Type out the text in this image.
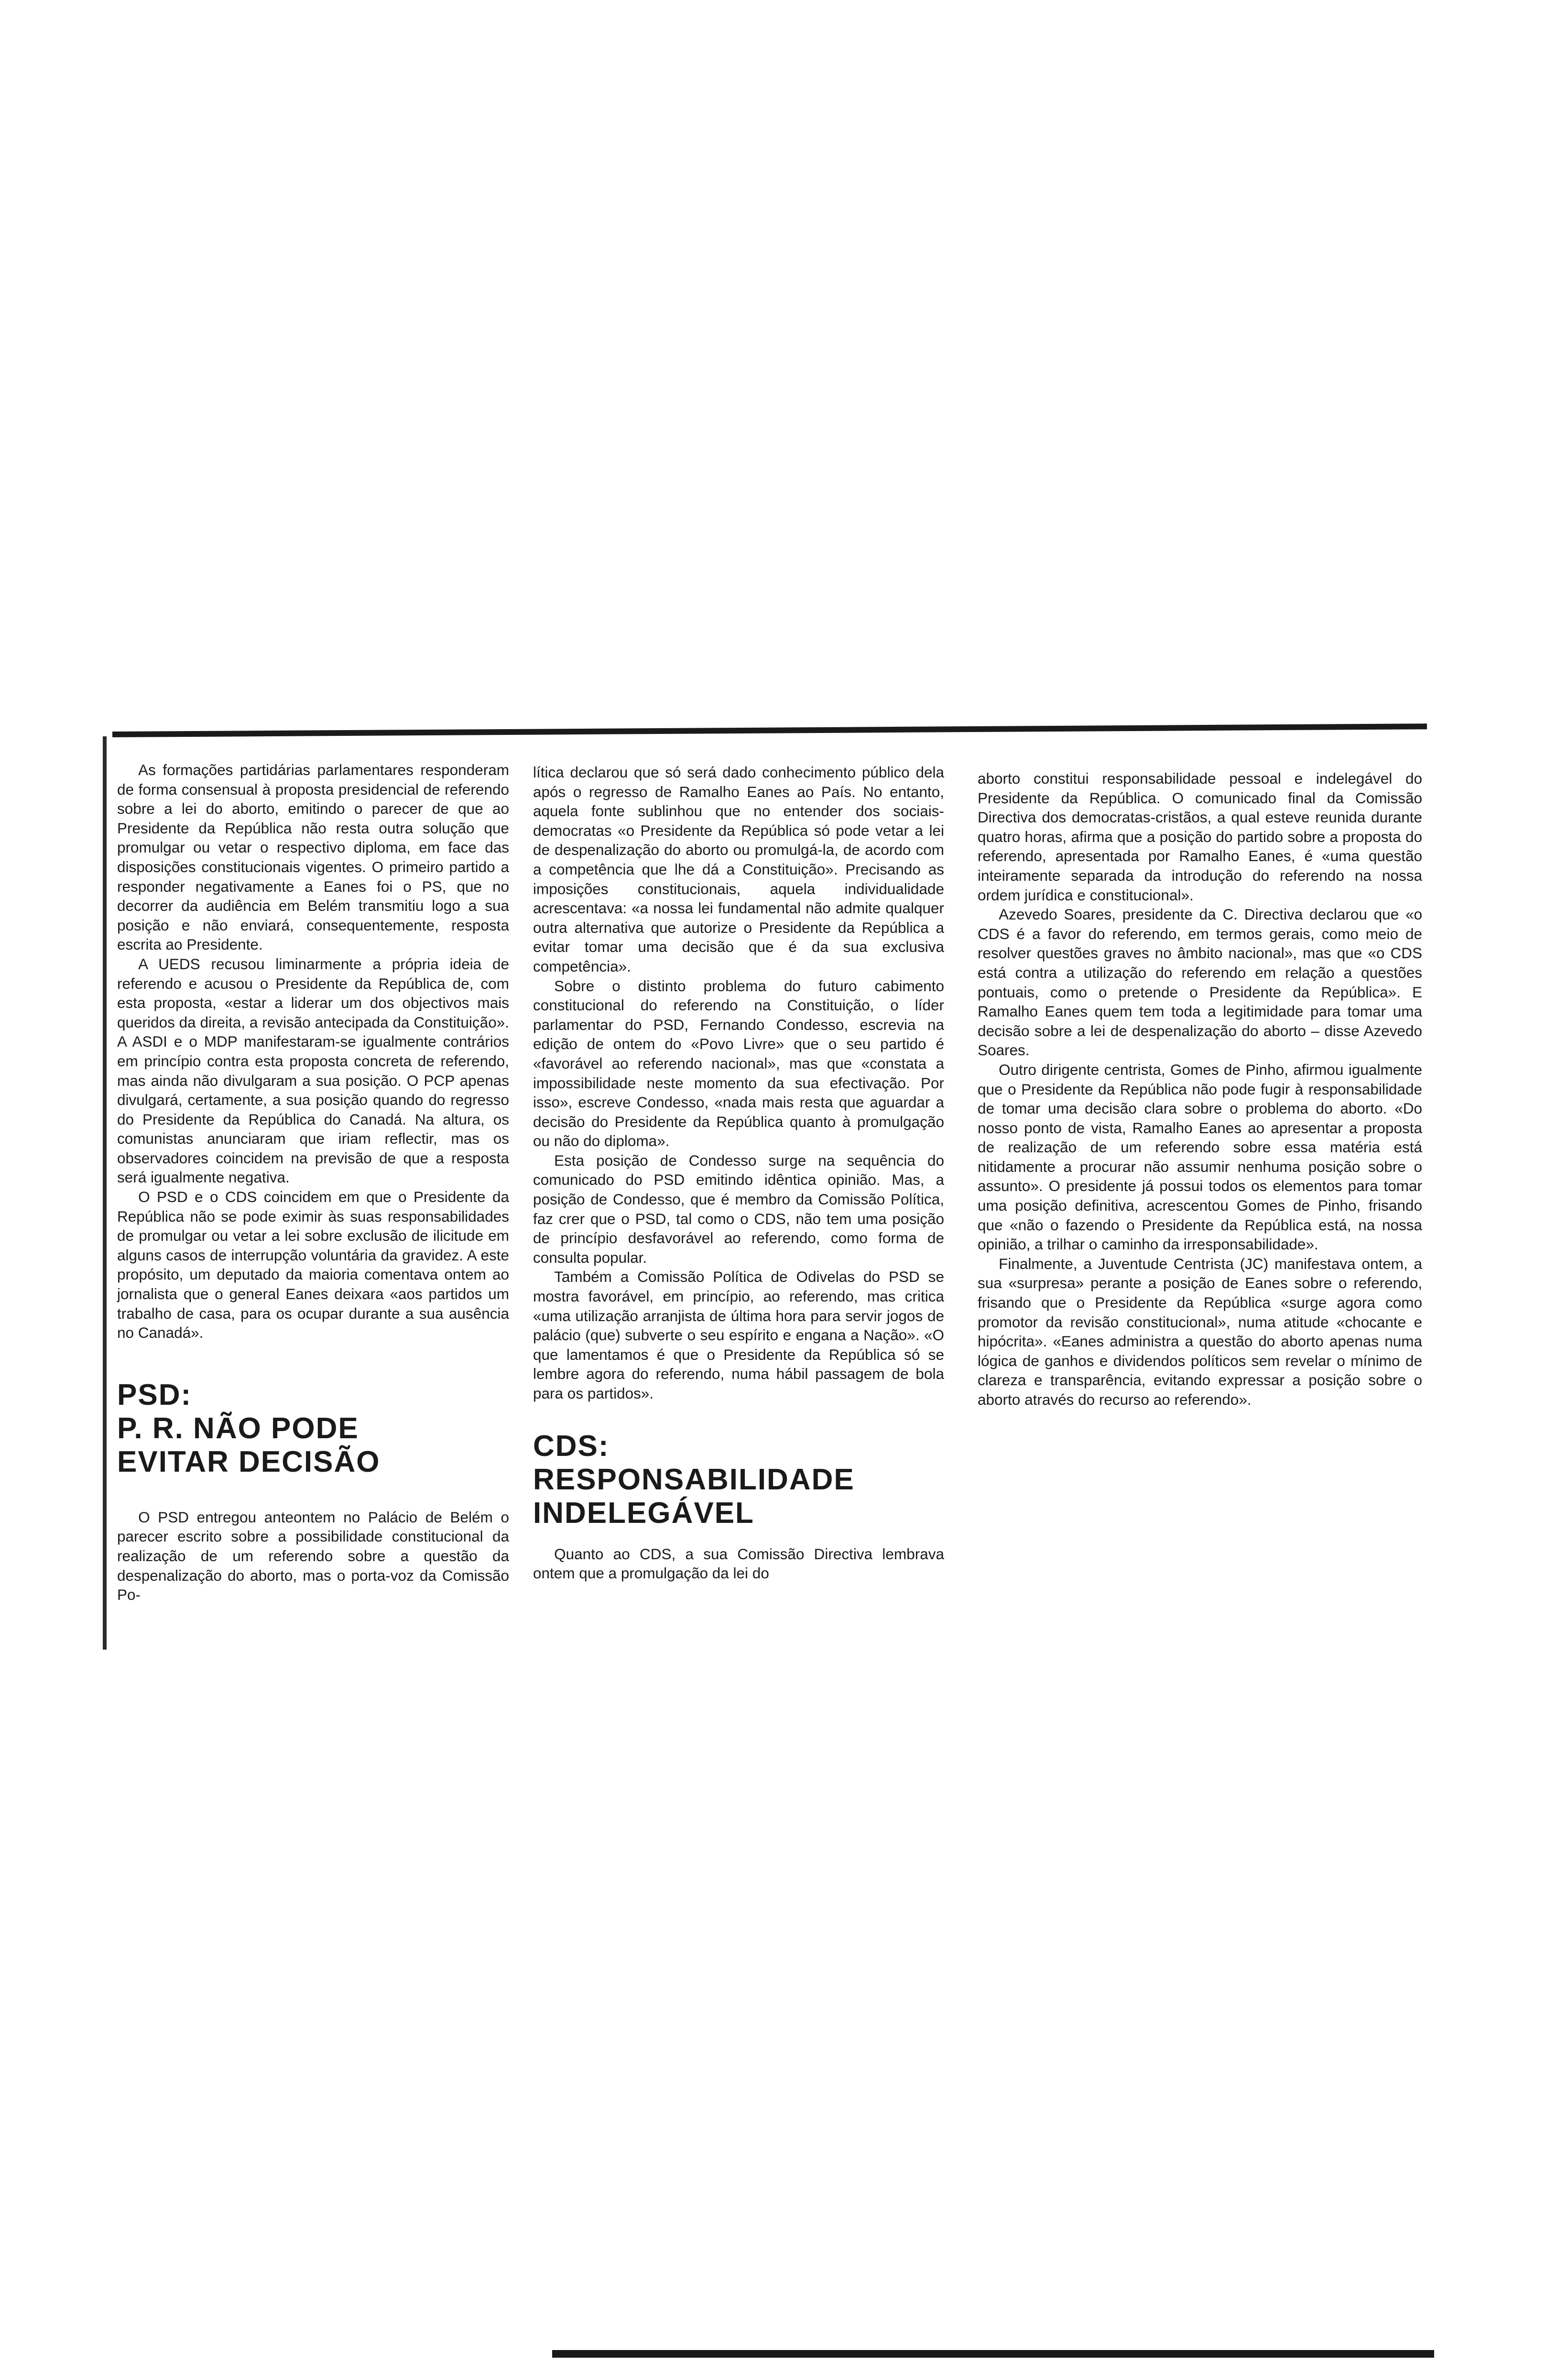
As formações partidárias parlamentares responderam de forma consensual à proposta presidencial de referendo sobre a lei do aborto, emitindo o parecer de que ao Presidente da República não resta outra solução que promulgar ou vetar o respectivo diploma, em face das disposições constitucionais vigentes. O primeiro partido a responder negativamente a Eanes foi o PS, que no decorrer da audiência em Belém transmitiu logo a sua posição e não enviará, consequentemente, resposta escrita ao Presidente.

A UEDS recusou liminarmente a própria ideia de referendo e acusou o Presidente da República de, com esta proposta, «estar a liderar um dos objectivos mais queridos da direita, a revisão antecipada da Constituição». A ASDI e o MDP manifestaram-se igualmente contrários em princípio contra esta proposta concreta de referendo, mas ainda não divulgaram a sua posição. O PCP apenas divulgará, certamente, a sua posição quando do regresso do Presidente da República do Canadá. Na altura, os comunistas anunciaram que iriam reflectir, mas os observadores coincidem na previsão de que a resposta será igualmente negativa.

O PSD e o CDS coincidem em que o Presidente da República não se pode eximir às suas responsabilidades de promulgar ou vetar a lei sobre exclusão de ilicitude em alguns casos de interrupção voluntária da gravidez. A este propósito, um deputado da maioria comentava ontem ao jornalista que o general Eanes deixara «aos partidos um trabalho de casa, para os ocupar durante a sua ausência no Canadá».

PSD:

P. R. NÃO PODE

EVITAR DECISÃO

O PSD entregou anteontem no Palácio de Belém o parecer escrito sobre a possibilidade constitucional da realização de um referendo sobre a questão da despenalização do aborto, mas o porta-voz da Comissão Po-

lítica declarou que só será dado conhecimento público dela após o regresso de Ramalho Eanes ao País. No entanto, aquela fonte sublinhou que no entender dos sociais-democratas «o Presidente da República só pode vetar a lei de despenalização do aborto ou promulgá-la, de acordo com a competência que lhe dá a Constituição». Precisando as imposições constitucionais, aquela individualidade acrescentava: «a nossa lei fundamental não admite qualquer outra alternativa que autorize o Presidente da República a evitar tomar uma decisão que é da sua exclusiva competência».

Sobre o distinto problema do futuro cabimento constitucional do referendo na Constituição, o líder parlamentar do PSD, Fernando Condesso, escrevia na edição de ontem do «Povo Livre» que o seu partido é «favorável ao referendo nacional», mas que «constata a impossibilidade neste momento da sua efectivação. Por isso», escreve Condesso, «nada mais resta que aguardar a decisão do Presidente da República quanto à promulgação ou não do diploma».

Esta posição de Condesso surge na sequência do comunicado do PSD emitindo idêntica opinião. Mas, a posição de Condesso, que é membro da Comissão Política, faz crer que o PSD, tal como o CDS, não tem uma posição de princípio desfavorável ao referendo, como forma de consulta popular.

Também a Comissão Política de Odivelas do PSD se mostra favorável, em princípio, ao referendo, mas critica «uma utilização arranjista de última hora para servir jogos de palácio (que) subverte o seu espírito e engana a Nação». «O que lamentamos é que o Presidente da República só se lembre agora do referendo, numa hábil passagem de bola para os partidos».

CDS:

RESPONSABILIDADE

INDELEGÁVEL

Quanto ao CDS, a sua Comissão Directiva lembrava ontem que a promulgação da lei do

aborto constitui responsabilidade pessoal e indelegável do Presidente da República. O comunicado final da Comissão Directiva dos democratas-cristãos, a qual esteve reunida durante quatro horas, afirma que a posição do partido sobre a proposta do referendo, apresentada por Ramalho Eanes, é «uma questão inteiramente separada da introdução do referendo na nossa ordem jurídica e constitucional».

Azevedo Soares, presidente da C. Directiva declarou que «o CDS é a favor do referendo, em termos gerais, como meio de resolver questões graves no âmbito nacional», mas que «o CDS está contra a utilização do referendo em relação a questões pontuais, como o pretende o Presidente da República». E Ramalho Eanes quem tem toda a legitimidade para tomar uma decisão sobre a lei de despenalização do aborto – disse Azevedo Soares.

Outro dirigente centrista, Gomes de Pinho, afirmou igualmente que o Presidente da República não pode fugir à responsabilidade de tomar uma decisão clara sobre o problema do aborto. «Do nosso ponto de vista, Ramalho Eanes ao apresentar a proposta de realização de um referendo sobre essa matéria está nitidamente a procurar não assumir nenhuma posição sobre o assunto». O presidente já possui todos os elementos para tomar uma posição definitiva, acrescentou Gomes de Pinho, frisando que «não o fazendo o Presidente da República está, na nossa opinião, a trilhar o caminho da irresponsabilidade».

Finalmente, a Juventude Centrista (JC) manifestava ontem, a sua «surpresa» perante a posição de Eanes sobre o referendo, frisando que o Presidente da República «surge agora como promotor da revisão constitucional», numa atitude «chocante e hipócrita». «Eanes administra a questão do aborto apenas numa lógica de ganhos e dividendos políticos sem revelar o mínimo de clareza e transparência, evitando expressar a posição sobre o aborto através do recurso ao referendo».
